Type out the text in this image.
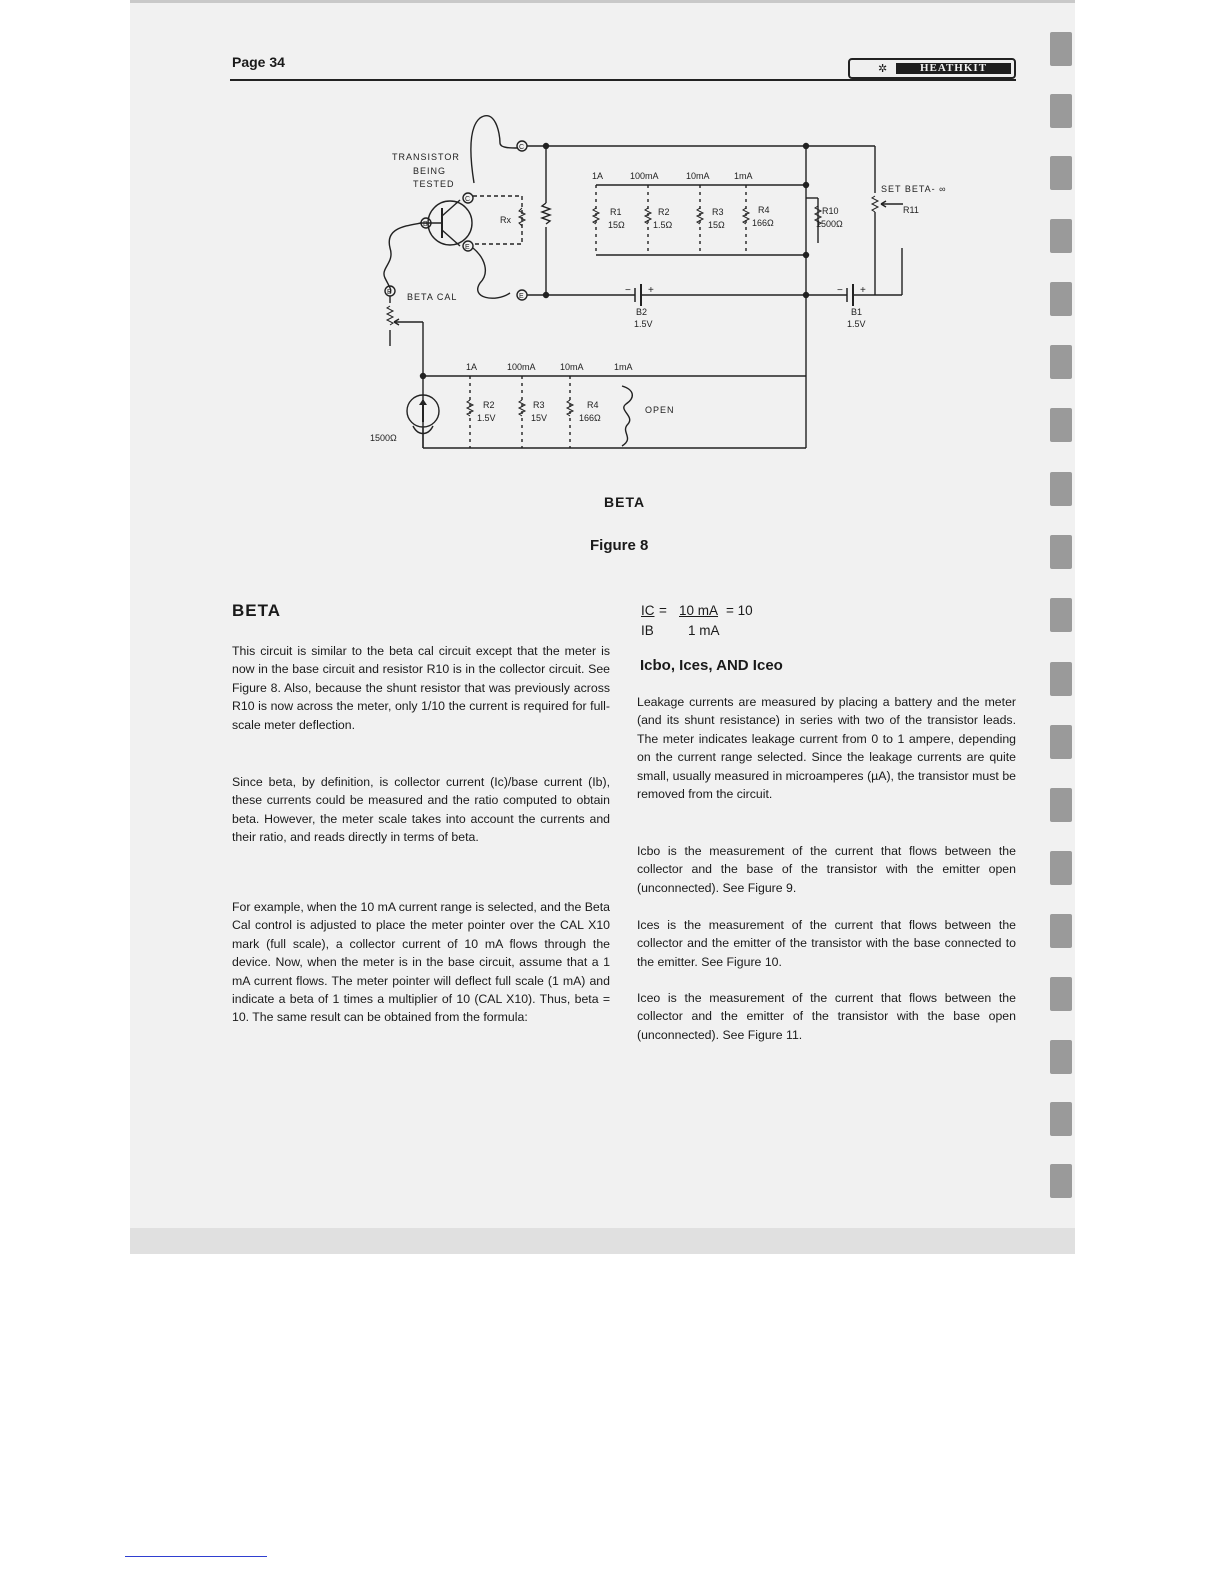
Page 34	✲	HEATHKIT
TRANSISTOR
BEING
TESTED
C
C
B
E
Rx
B BETA CAL	E
− +
B2
1.5V
1A	100mA	10mA	1mA
R1
15Ω
R2
1.5Ω
R3
15Ω
R4
166Ω
R10
1500Ω
SET BETA- ∞
R11
− +
B1
1.5V
1A	100mA	10mA	1mA
R2
1.5V
R3
15V
R4
166Ω
OPEN
1500Ω
BETA
Figure 8
BETA
This circuit is similar to the beta cal circuit except that the meter is now in the base circuit and resistor R10 is in the collector circuit. See Figure 8. Also, because the shunt resistor that was previously across R10 is now across the meter, only 1/10 the current is required for full-scale meter deflection.
Since beta, by definition, is collector current (Ic)/base current (Ib), these currents could be measured and the ratio computed to obtain beta. However, the meter scale takes into account the currents and their ratio, and reads directly in terms of beta.
For example, when the 10 mA current range is selected, and the Beta Cal control is adjusted to place the meter pointer over the CAL X10 mark (full scale), a collector current of 10 mA flows through the device. Now, when the meter is in the base circuit, assume that a 1 mA current flows. The meter pointer will deflect full scale (1 mA) and indicate a beta of 1 times a multiplier of 10 (CAL X10). Thus, beta = 10. The same result can be obtained from the formula:
IC =
IB
10 mA = 10
1 mA
Icbo, Ices, AND Iceo
Leakage currents are measured by placing a battery and the meter (and its shunt resistance) in series with two of the transistor leads. The meter indicates leakage current from 0 to 1 ampere, depending on the current range selected. Since the leakage currents are quite small, usually measured in microamperes (µA), the transistor must be removed from the circuit.
Icbo is the measurement of the current that flows between the collector and the base of the transistor with the emitter open (unconnected). See Figure 9.
Ices is the measurement of the current that flows between the collector and the emitter of the transistor with the base connected to the emitter. See Figure 10.
Iceo is the measurement of the current that flows between the collector and the emitter of the transistor with the base open (unconnected). See Figure 11.
